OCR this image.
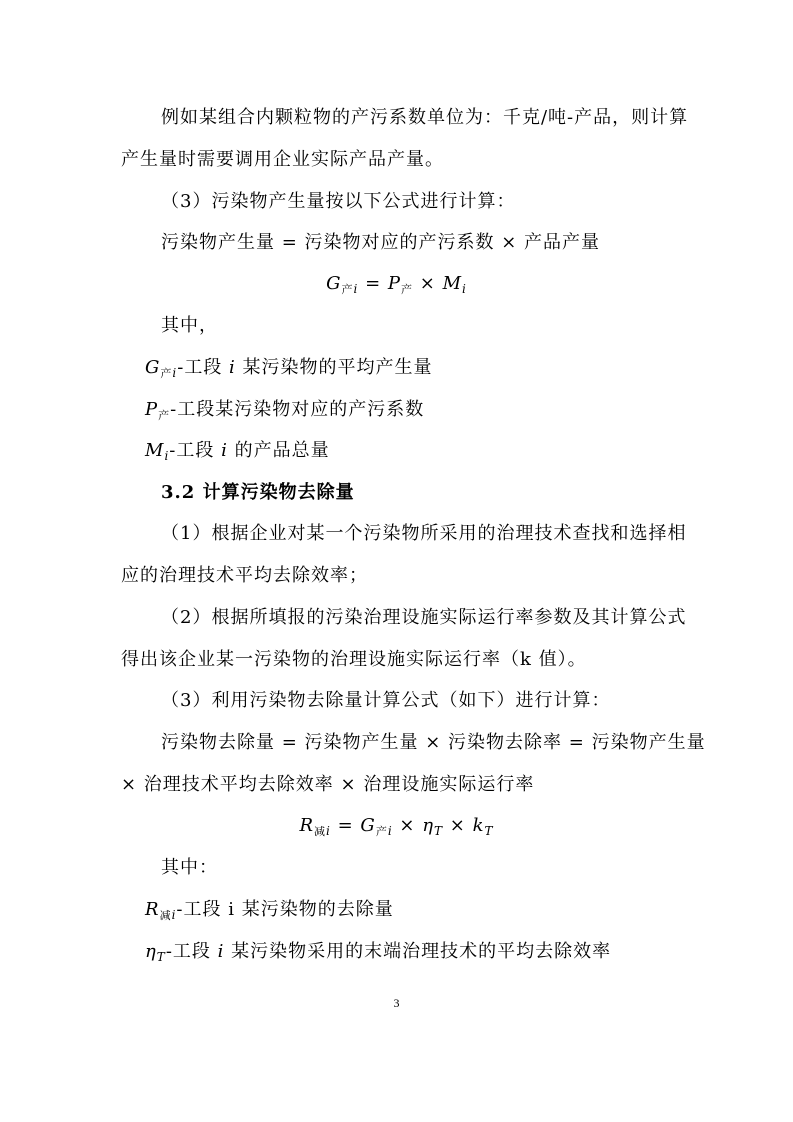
例如某组合内颗粒物的产污系数单位为：千克/吨-产品，则计算
产生量时需要调用企业实际产品产量。
（3）污染物产生量按以下公式进行计算：
污染物产生量 = 污染物对应的产污系数 × 产品产量
$G_{产i} = P_产 \times M_i$
其中，
$G_{产i}-$工段 i 某污染物的平均产生量
$P_产-$工段某污染物对应的产污系数
$M_i-$工段 i 的产品总量
3.2 计算污染物去除量
（1）根据企业对某一个污染物所采用的治理技术查找和选择相
应的治理技术平均去除效率；
（2）根据所填报的污染治理设施实际运行率参数及其计算公式
得出该企业某一污染物的治理设施实际运行率（k 值）。
（3）利用污染物去除量计算公式（如下）进行计算：
污染物去除量 = 污染物产生量 × 污染物去除率 = 污染物产生量
× 治理技术平均去除效率 × 治理设施实际运行率
$R_{减i} = G_{产i} \times \eta_T \times k_T$
其中：
$R_{减i}-$工段 i 某污染物的去除量
$\eta_T-$工段 i 某污染物采用的末端治理技术的平均去除效率
3
